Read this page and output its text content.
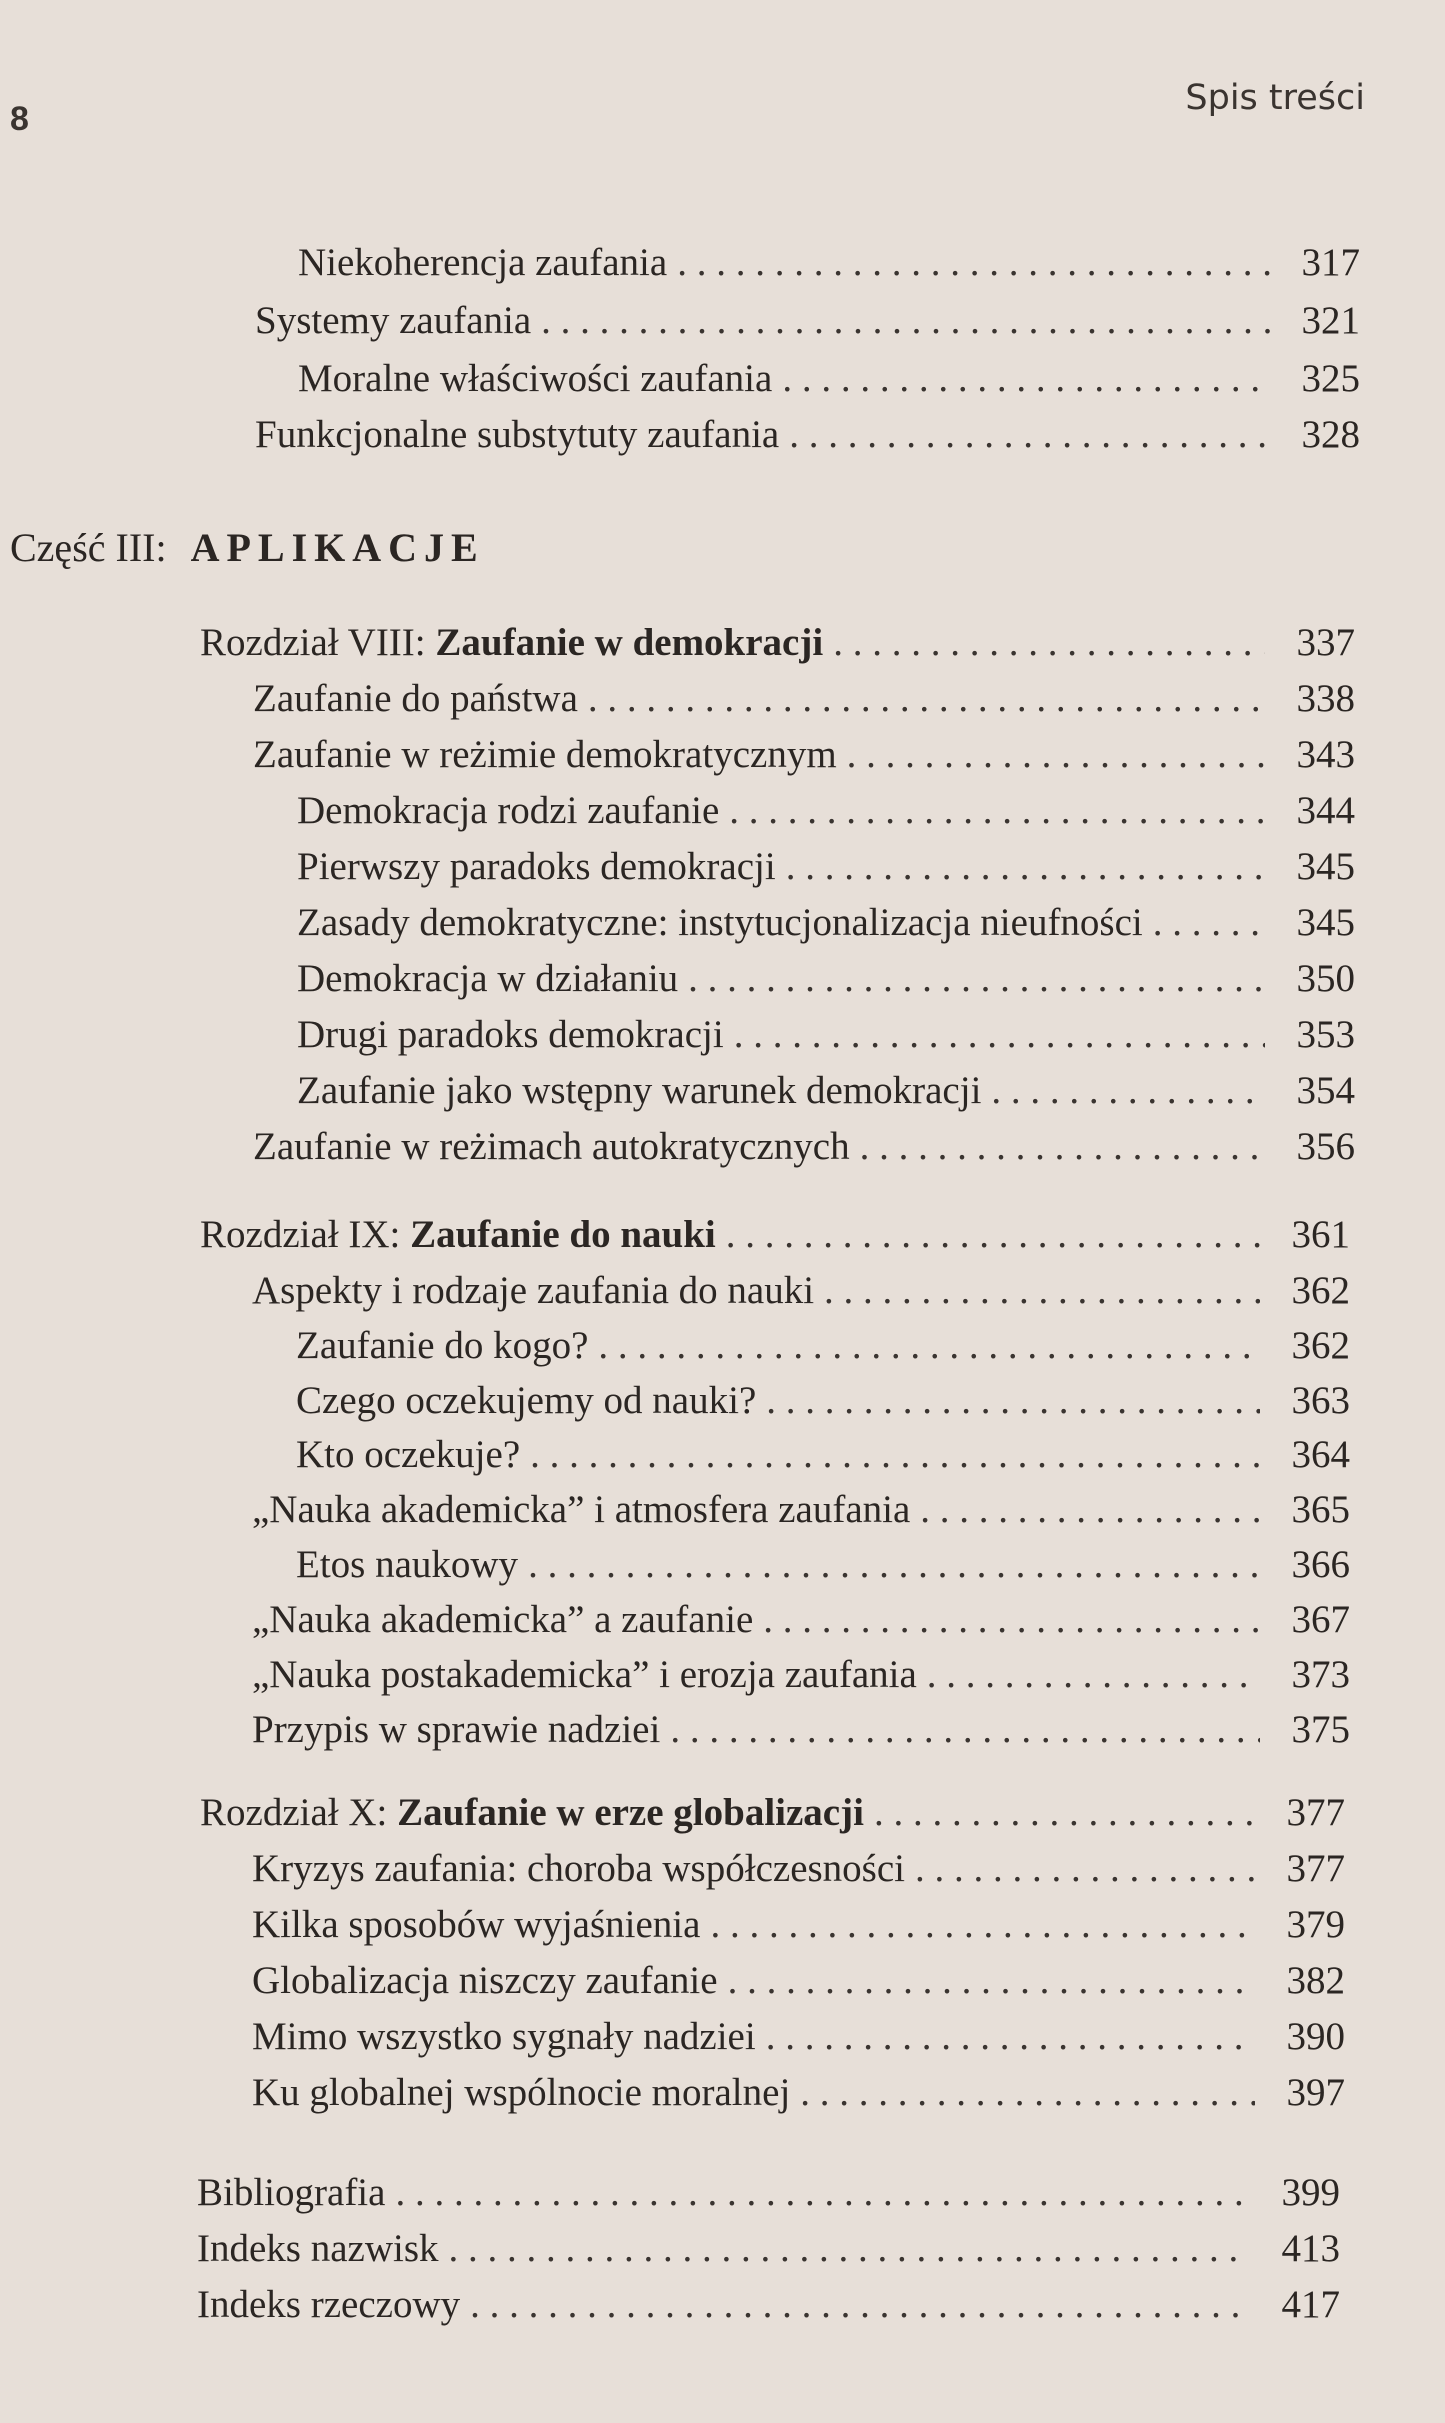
8
Spis treści
Niekoherencja zaufania . . .	317
Systemy zaufania . . .	321
Moralne właściwości zaufania . . .	325
Funkcjonalne substytuty zaufania . . .	328
Część III: APLIKACJE
Rozdział VIII: Zaufanie w demokracji . . .	337
Zaufanie do państwa . . .	338
Zaufanie w reżimie demokratycznym . . .	343
Demokracja rodzi zaufanie . . .	344
Pierwszy paradoks demokracji . . .	345
Zasady demokratyczne: instytucjonalizacja nieufności . . .	345
Demokracja w działaniu . . .	350
Drugi paradoks demokracji . . .	353
Zaufanie jako wstępny warunek demokracji . . .	354
Zaufanie w reżimach autokratycznych . . .	356
Rozdział IX: Zaufanie do nauki . . .	361
Aspekty i rodzaje zaufania do nauki . . .	362
Zaufanie do kogo? . . .	362
Czego oczekujemy od nauki? . . .	363
Kto oczekuje? . . .	364
„Nauka akademicka” i atmosfera zaufania . . .	365
Etos naukowy . . .	366
„Nauka akademicka” a zaufanie . . .	367
„Nauka postakademicka” i erozja zaufania . . .	373
Przypis w sprawie nadziei . . .	375
Rozdział X: Zaufanie w erze globalizacji . . .	377
Kryzys zaufania: choroba współczesności . . .	377
Kilka sposobów wyjaśnienia . . .	379
Globalizacja niszczy zaufanie . . .	382
Mimo wszystko sygnały nadziei . . .	390
Ku globalnej wspólnocie moralnej . . .	397
Bibliografia . . .	399
Indeks nazwisk . . .	413
Indeks rzeczowy . . .	417
